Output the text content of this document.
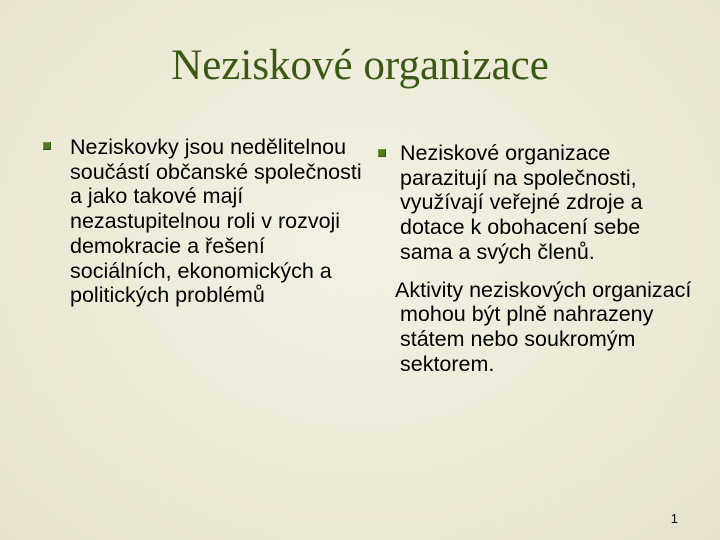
Neziskové organizace
Neziskovky jsou nedělitelnou součástí občanské společnosti a jako takové mají nezastupitelnou roli v rozvoji demokracie a řešení sociálních, ekonomických a politických problémů
Neziskové organizace parazitují na společnosti, využívají veřejné zdroje a dotace k obohacení sebe sama a svých členů.
Aktivity neziskových organizací mohou být plně nahrazeny státem nebo soukromým sektorem.
1
